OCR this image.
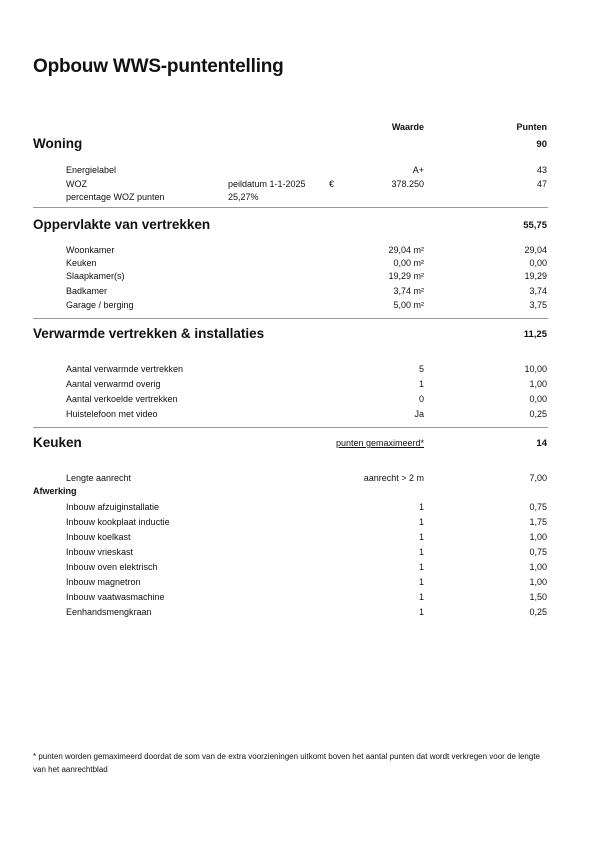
Opbouw WWS-puntentelling
Waarde	Punten
Woning	90
Energielabel	A+	43
WOZ	peildatum 1-1-2025	€	378.250	47
percentage WOZ punten	25,27%
Oppervlakte van vertrekken	55,75
Woonkamer	29,04 m²	29,04
Keuken	0,00 m²	0,00
Slaapkamer(s)	19,29 m²	19,29
Badkamer	3,74 m²	3,74
Garage / berging	5,00 m²	3,75
Verwarmde vertrekken & installaties	11,25
Aantal verwarmde vertrekken	5	10,00
Aantal verwarmd overig	1	1,00
Aantal verkoelde vertrekken	0	0,00
Huistelefoon met video	Ja	0,25
Keuken	punten gemaximeerd*	14
Lengte aanrecht	aanrecht > 2 m	7,00
Afwerking
Inbouw afzuiginstallatie	1	0,75
Inbouw kookplaat inductie	1	1,75
Inbouw koelkast	1	1,00
Inbouw vrieskast	1	0,75
Inbouw oven elektrisch	1	1,00
Inbouw magnetron	1	1,00
Inbouw vaatwasmachine	1	1,50
Eenhandsmengkraan	1	0,25
* punten worden gemaximeerd doordat de som van de extra voorzieningen uitkomt boven het aantal punten dat wordt verkregen voor de lengte van het aanrechtblad
